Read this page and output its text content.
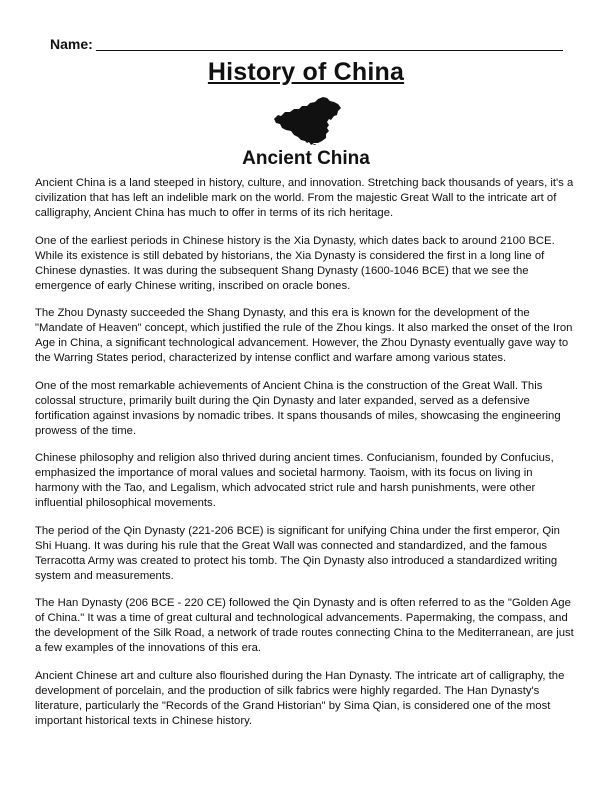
Name:
History of China
Ancient China

Ancient China is a land steeped in history, culture, and innovation. Stretching back thousands of years, it's a civilization that has left an indelible mark on the world. From the majestic Great Wall to the intricate art of calligraphy, Ancient China has much to offer in terms of its rich heritage.

One of the earliest periods in Chinese history is the Xia Dynasty, which dates back to around 2100 BCE. While its existence is still debated by historians, the Xia Dynasty is considered the first in a long line of Chinese dynasties. It was during the subsequent Shang Dynasty (1600-1046 BCE) that we see the emergence of early Chinese writing, inscribed on oracle bones.

The Zhou Dynasty succeeded the Shang Dynasty, and this era is known for the development of the "Mandate of Heaven" concept, which justified the rule of the Zhou kings. It also marked the onset of the Iron Age in China, a significant technological advancement. However, the Zhou Dynasty eventually gave way to the Warring States period, characterized by intense conflict and warfare among various states.

One of the most remarkable achievements of Ancient China is the construction of the Great Wall. This colossal structure, primarily built during the Qin Dynasty and later expanded, served as a defensive fortification against invasions by nomadic tribes. It spans thousands of miles, showcasing the engineering prowess of the time.

Chinese philosophy and religion also thrived during ancient times. Confucianism, founded by Confucius, emphasized the importance of moral values and societal harmony. Taoism, with its focus on living in harmony with the Tao, and Legalism, which advocated strict rule and harsh punishments, were other influential philosophical movements.

The period of the Qin Dynasty (221-206 BCE) is significant for unifying China under the first emperor, Qin Shi Huang. It was during his rule that the Great Wall was connected and standardized, and the famous Terracotta Army was created to protect his tomb. The Qin Dynasty also introduced a standardized writing system and measurements.

The Han Dynasty (206 BCE - 220 CE) followed the Qin Dynasty and is often referred to as the "Golden Age of China." It was a time of great cultural and technological advancements. Papermaking, the compass, and the development of the Silk Road, a network of trade routes connecting China to the Mediterranean, are just a few examples of the innovations of this era.

Ancient Chinese art and culture also flourished during the Han Dynasty. The intricate art of calligraphy, the development of porcelain, and the production of silk fabrics were highly regarded. The Han Dynasty's literature, particularly the "Records of the Grand Historian" by Sima Qian, is considered one of the most important historical texts in Chinese history.
